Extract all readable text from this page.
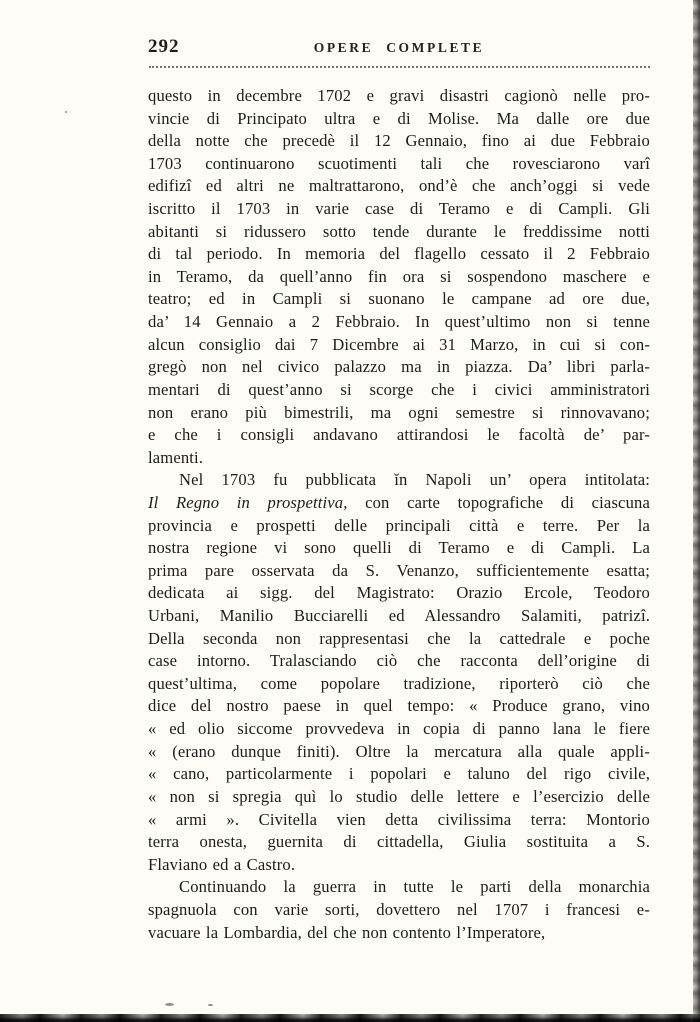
292	OPERE COMPLETE
questo in decembre 1702 e gravi disastri cagionò nelle pro-
vincie di Principato ultra e di Molise. Ma dalle ore due
della notte che precedè il 12 Gennaio, fino ai due Febbraio
1703 continuarono scuotimenti tali che rovesciarono varî
edifizî ed altri ne maltrattarono, ond’è che anch’oggi si vede
iscritto il 1703 in varie case di Teramo e di Campli. Gli
abitanti si ridussero sotto tende durante le freddissime notti
di tal periodo. In memoria del flagello cessato il 2 Febbraio
in Teramo, da quell’anno fin ora si sospendono maschere e
teatro; ed in Campli si suonano le campane ad ore due,
da’ 14 Gennaio a 2 Febbraio. In quest’ultimo non si tenne
alcun consiglio dai 7 Dicembre ai 31 Marzo, in cui si con-
gregò non nel civico palazzo ma in piazza. Da’ libri parla-
mentari di quest’anno si scorge che i civici amministratori
non erano più bimestrili, ma ogni semestre si rinnovavano;
e che i consigli andavano attirandosi le facoltà de’ par-
lamenti.
Nel 1703 fu pubblicata ĭn Napoli un’ opera intitolata:
Il Regno in prospettiva, con carte topografiche di ciascuna
provincia e prospetti delle principali città e terre. Per la
nostra regione vi sono quelli di Teramo e di Campli. La
prima pare osservata da S. Venanzo, sufficientemente esatta;
dedicata ai sigg. del Magistrato: Orazio Ercole, Teodoro
Urbani, Manilio Bucciarelli ed Alessandro Salamiti, patrizî.
Della seconda non rappresentasi che la cattedrale e poche
case intorno. Tralasciando ciò che racconta dell’origine di
quest’ultima, come popolare tradizione, riporterò ciò che
dice del nostro paese in quel tempo: « Produce grano, vino
« ed olio siccome provvedeva in copia di panno lana le fiere
« (erano dunque finiti). Oltre la mercatura alla quale appli-
« cano, particolarmente i popolari e taluno del rigo civile,
« non si spregia quì lo studio delle lettere e l’esercizio delle
« armi ». Civitella vien detta civilissima terra: Montorio
terra onesta, guernita di cittadella, Giulia sostituita a S.
Flaviano ed a Castro.
Continuando la guerra in tutte le parti della monarchia
spagnuola con varie sorti, dovettero nel 1707 i francesi e-
vacuare la Lombardia, del che non contento l’Imperatore,
